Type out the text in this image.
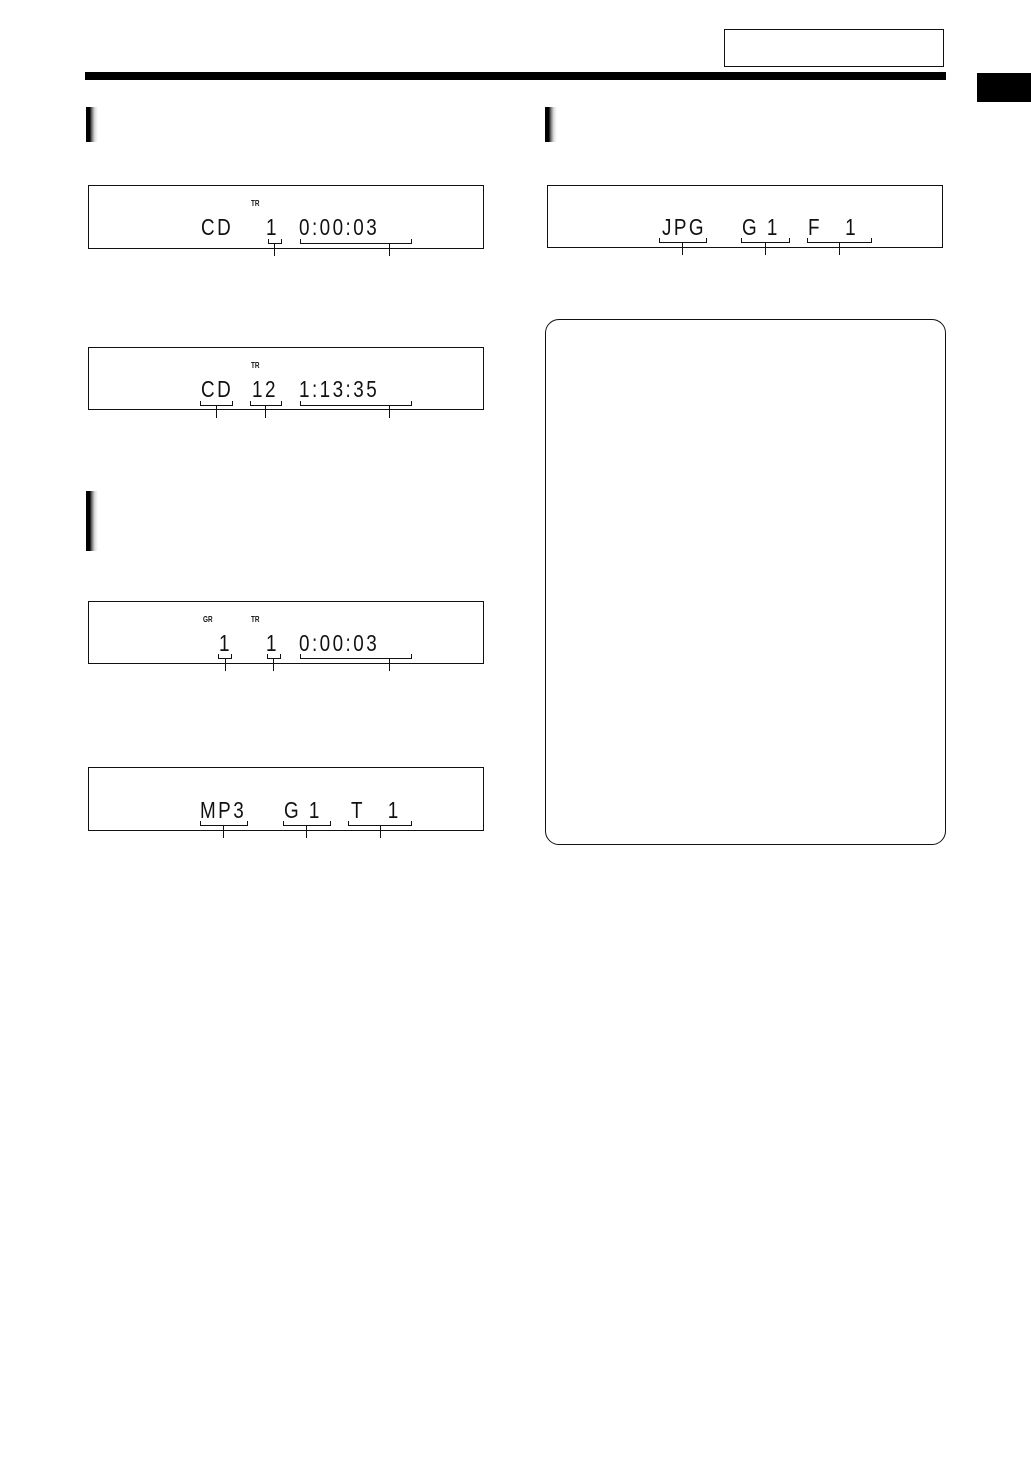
TR
CD 1 0:00:03
TR
CD 12 1:13:35
GR	TR
1 1 0:00:03
MP3 G 1 T   1
JPG G 1 F   1
